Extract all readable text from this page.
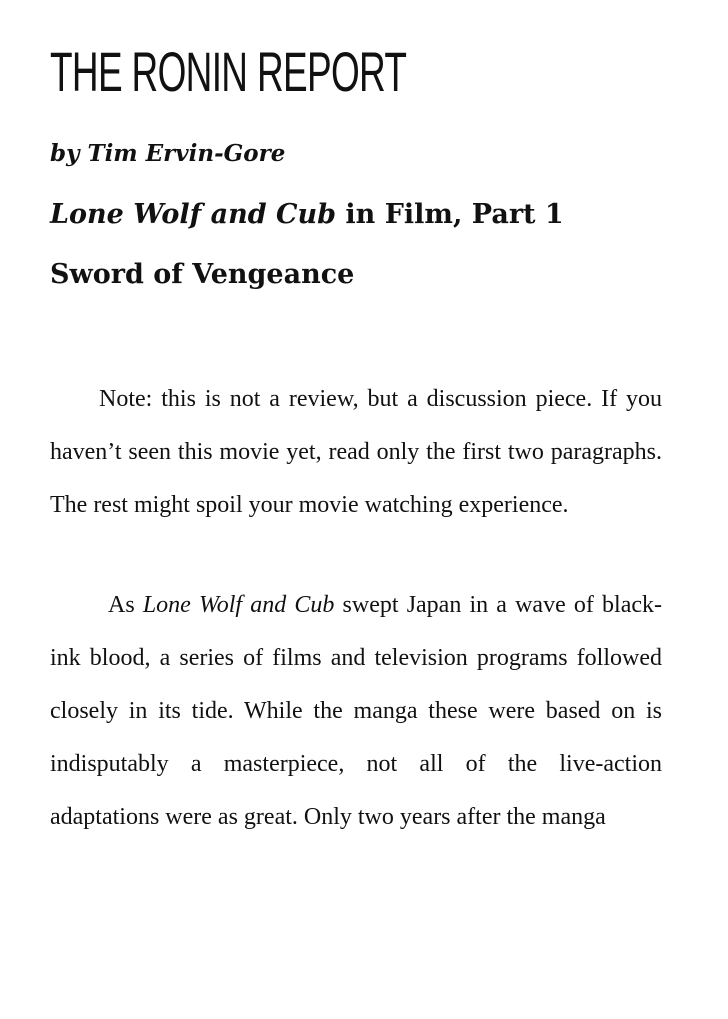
THE RONIN REPORT
by Tim Ervin-Gore
Lone Wolf and Cub in Film, Part 1
Sword of Vengeance

Note: this is not a review, but a discussion piece. If you haven’t seen this movie yet, read only the first two paragraphs. The rest might spoil your movie watching experience.

As Lone Wolf and Cub swept Japan in a wave of black-ink blood, a series of films and television programs followed closely in its tide. While the manga these were based on is indisputably a masterpiece, not all of the live-action adaptations were as great. Only two years after the manga
